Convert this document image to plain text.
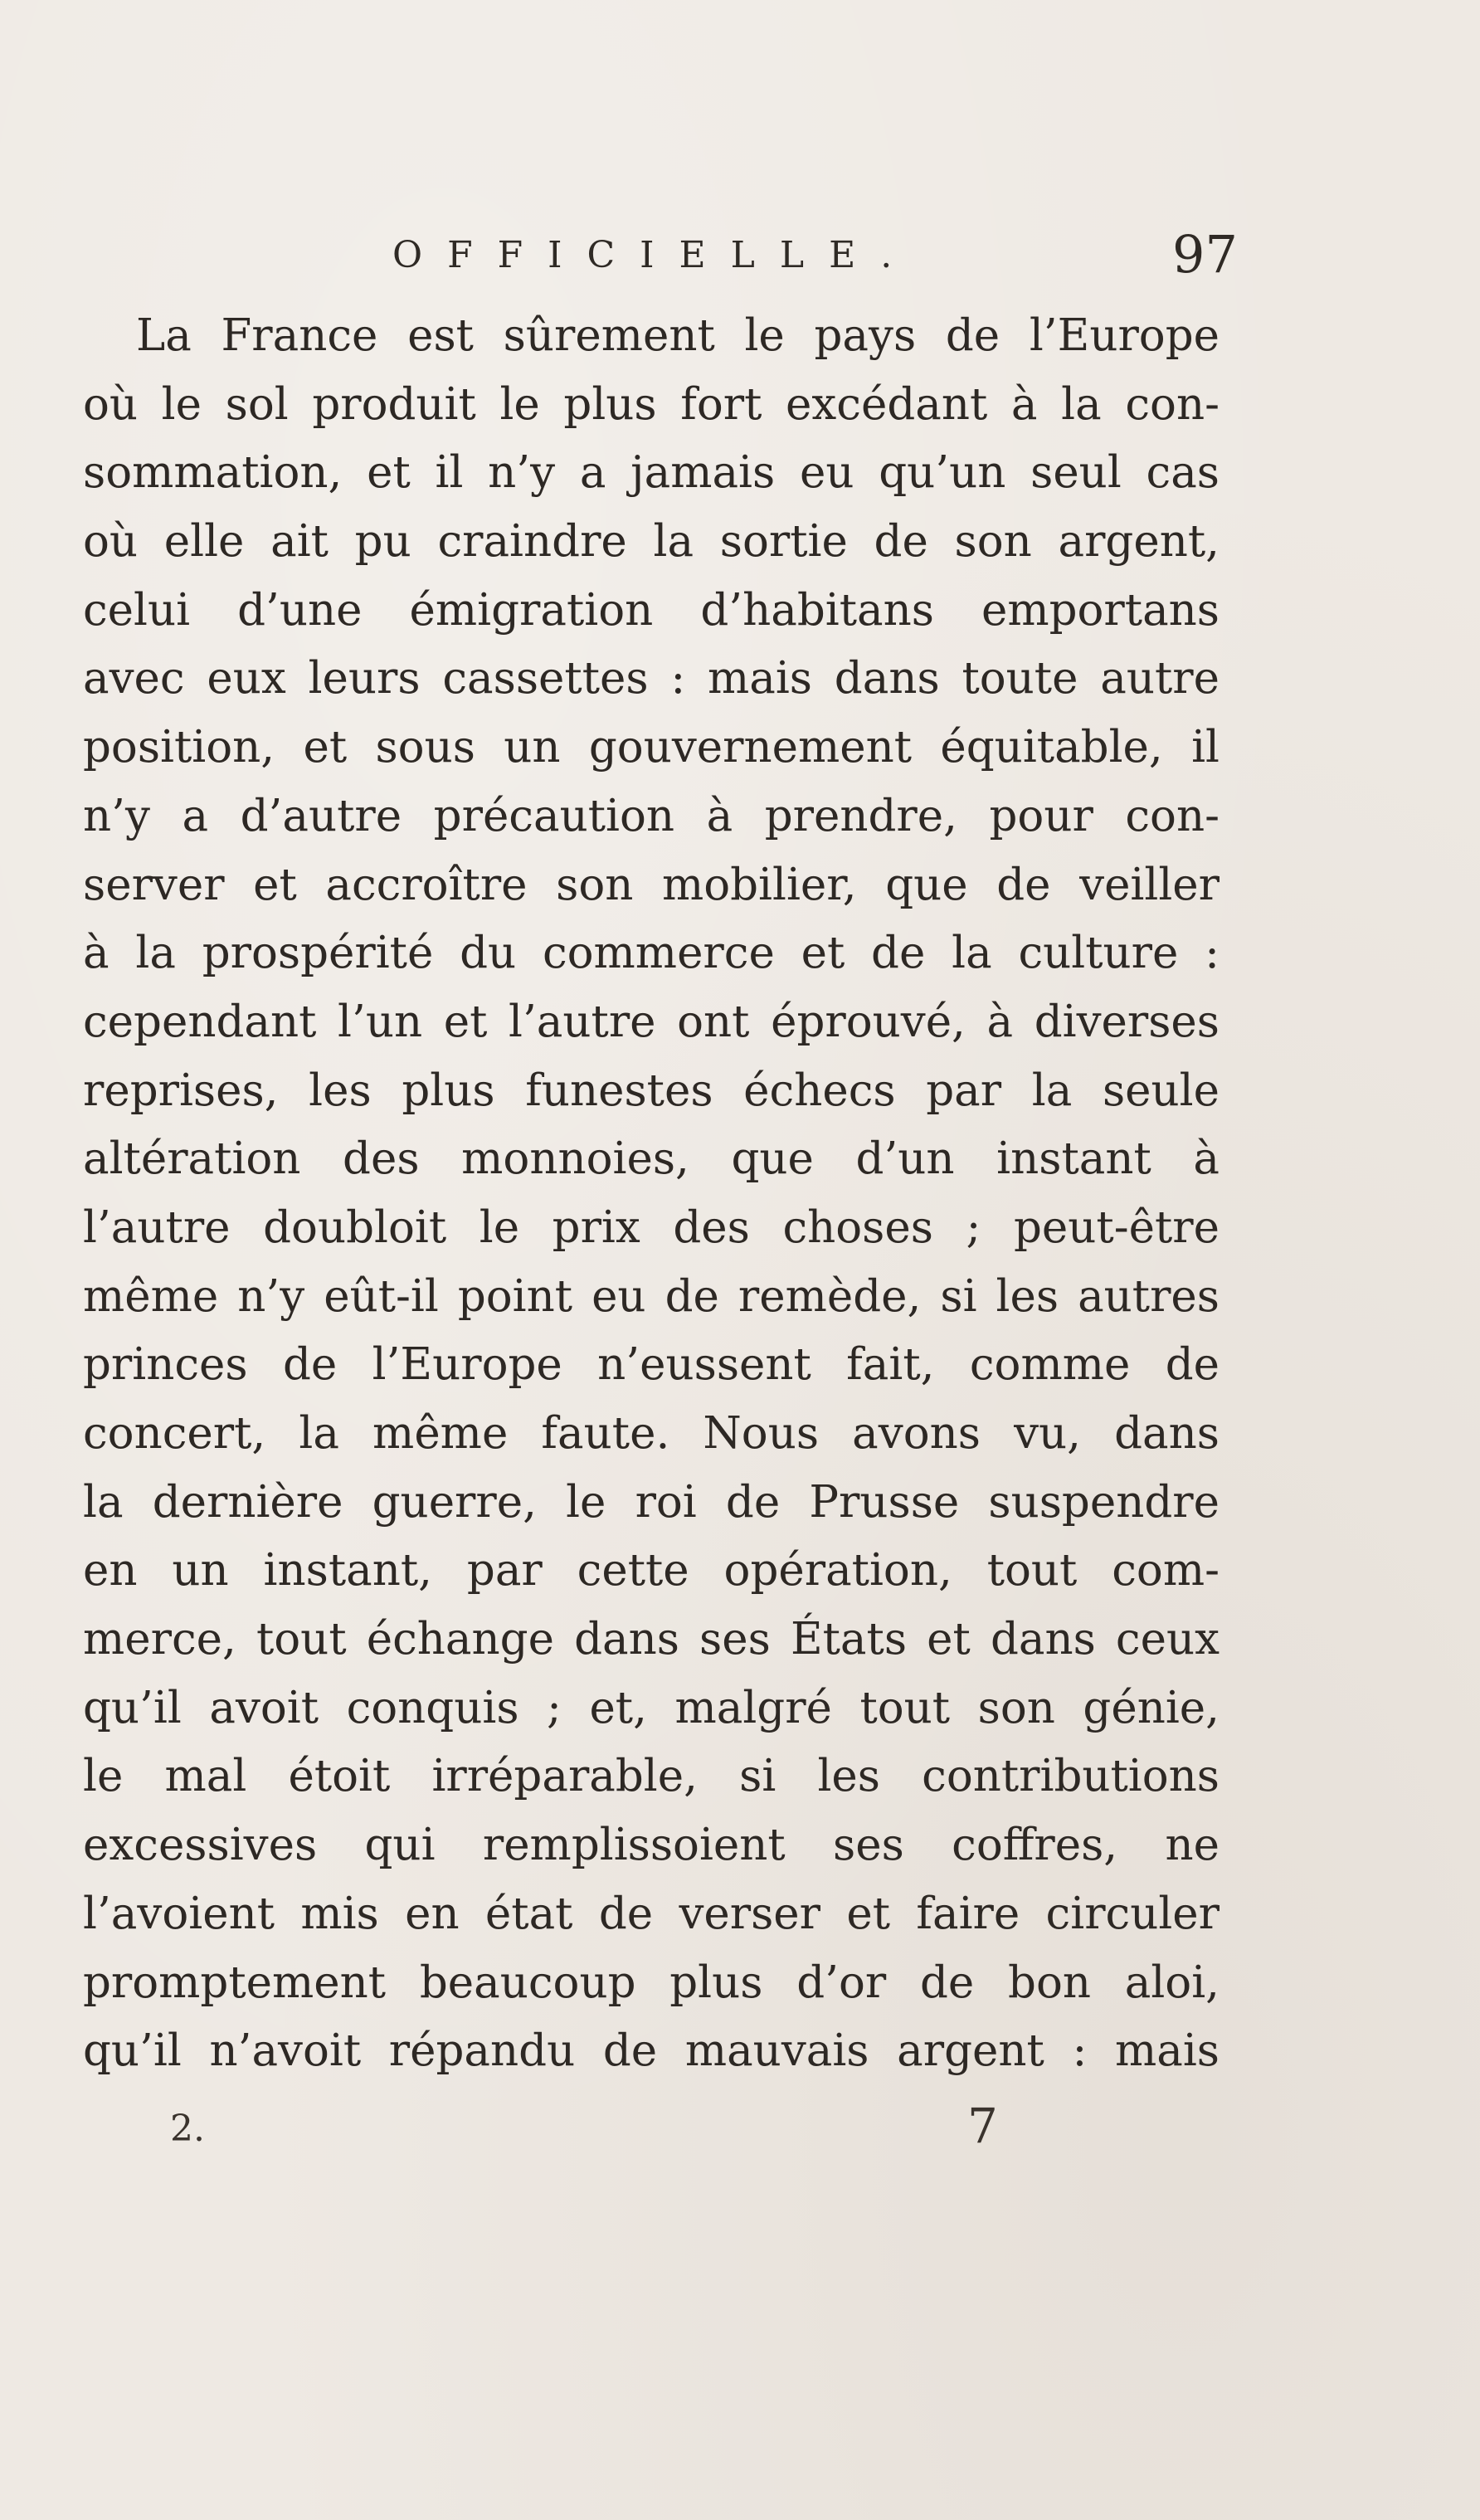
OFFICIELLE.	97
La France est sûrement le pays de l’Europe
où le sol produit le plus fort excédant à la con-
sommation, et il n’y a jamais eu qu’un seul cas
où elle ait pu craindre la sortie de son argent,
celui d’une émigration d’habitans emportans
avec eux leurs cassettes : mais dans toute autre
position, et sous un gouvernement équitable, il
n’y a d’autre précaution à prendre, pour con-
server et accroître son mobilier, que de veiller
à la prospérité du commerce et de la culture :
cependant l’un et l’autre ont éprouvé, à diverses
reprises, les plus funestes échecs par la seule
altération des monnoies, que d’un instant à
l’autre doubloit le prix des choses ; peut-être
même n’y eût-il point eu de remède, si les autres
princes de l’Europe n’eussent fait, comme de
concert, la même faute. Nous avons vu, dans
la dernière guerre, le roi de Prusse suspendre
en un instant, par cette opération, tout com-
merce, tout échange dans ses États et dans ceux
qu’il avoit conquis ; et, malgré tout son génie,
le mal étoit irréparable, si les contributions
excessives qui remplissoient ses coffres, ne
l’avoient mis en état de verser et faire circuler
promptement beaucoup plus d’or de bon aloi,
qu’il n’avoit répandu de mauvais argent : mais
2.	7
